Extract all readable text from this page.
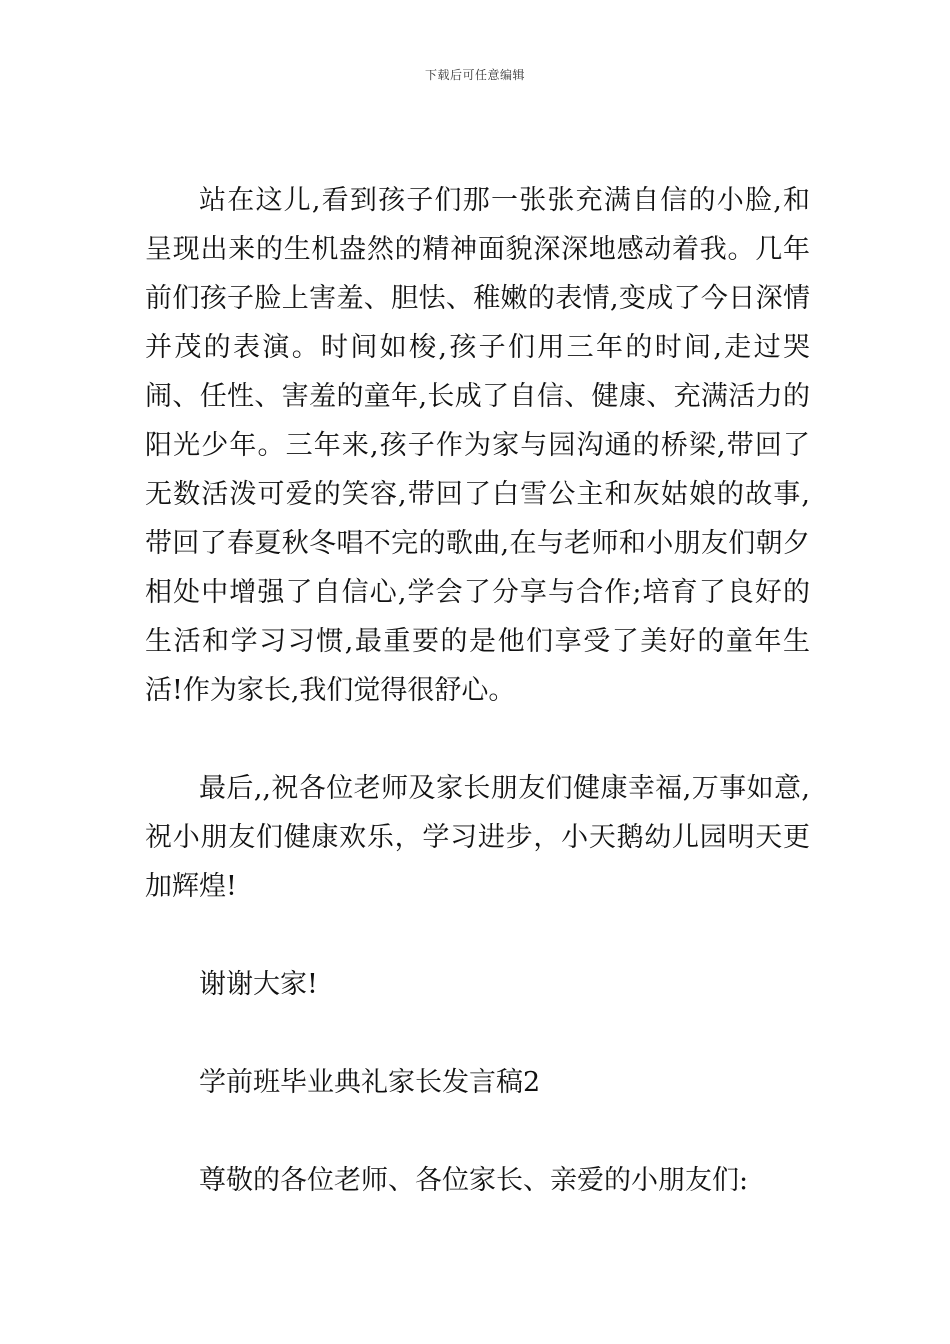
下载后可任意编辑

站在这儿,看到孩子们那一张张充满自信的小脸,和呈现出来的生机盎然的精神面貌深深地感动着我。几年前们孩子脸上害羞、胆怯、稚嫩的表情,变成了今日深情并茂的表演。时间如梭,孩子们用三年的时间,走过哭闹、任性、害羞的童年,长成了自信、健康、充满活力的阳光少年。三年来,孩子作为家与园沟通的桥梁,带回了无数活泼可爱的笑容,带回了白雪公主和灰姑娘的故事,带回了春夏秋冬唱不完的歌曲,在与老师和小朋友们朝夕相处中增强了自信心,学会了分享与合作;培育了良好的生活和学习习惯,最重要的是他们享受了美好的童年生活!作为家长,我们觉得很舒心。

最后,,祝各位老师及家长朋友们健康幸福,万事如意,祝小朋友们健康欢乐，学习进步，小天鹅幼儿园明天更加辉煌!

谢谢大家!

学前班毕业典礼家长发言稿2

尊敬的各位老师、各位家长、亲爱的小朋友们:
